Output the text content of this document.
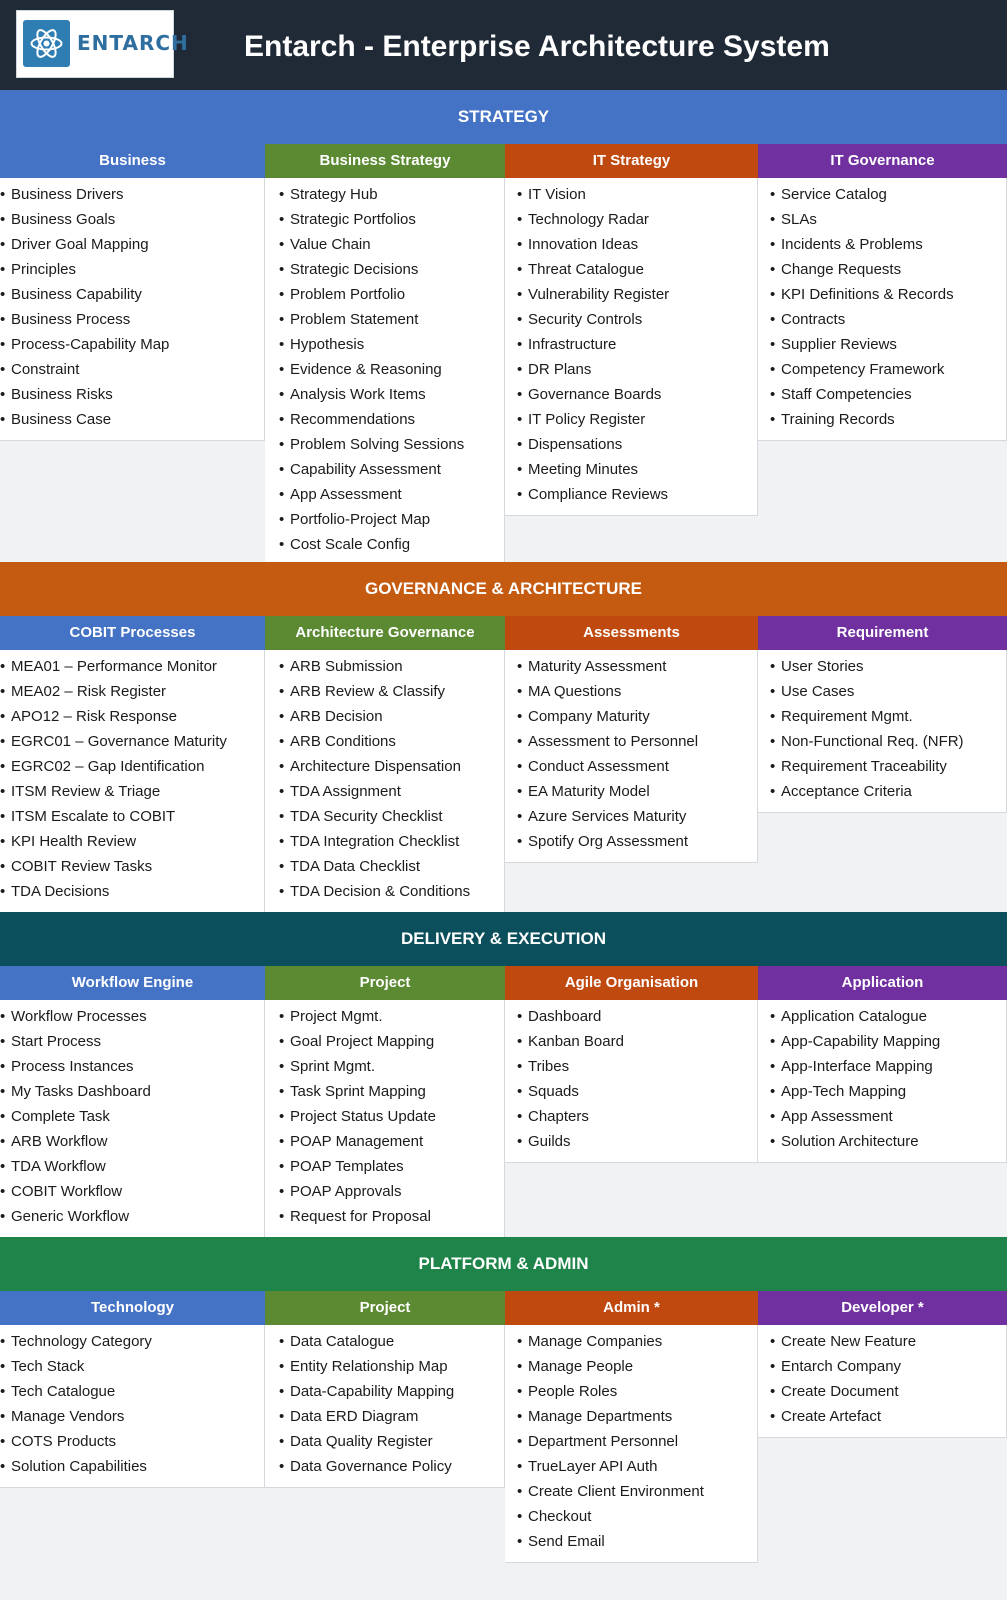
ENTARCH Entarch - Enterprise Architecture System
STRATEGY
Business
• Business Drivers
• Business Goals
• Driver Goal Mapping
• Principles
• Business Capability
• Business Process
• Process-Capability Map
• Constraint
• Business Risks
• Business Case
Business Strategy
• Strategy Hub
• Strategic Portfolios
• Value Chain
• Strategic Decisions
• Problem Portfolio
• Problem Statement
• Hypothesis
• Evidence & Reasoning
• Analysis Work Items
• Recommendations
• Problem Solving Sessions
• Capability Assessment
• App Assessment
• Portfolio-Project Map
• Cost Scale Config
IT Strategy
• IT Vision
• Technology Radar
• Innovation Ideas
• Threat Catalogue
• Vulnerability Register
• Security Controls
• Infrastructure
• DR Plans
• Governance Boards
• IT Policy Register
• Dispensations
• Meeting Minutes
• Compliance Reviews
IT Governance
• Service Catalog
• SLAs
• Incidents & Problems
• Change Requests
• KPI Definitions & Records
• Contracts
• Supplier Reviews
• Competency Framework
• Staff Competencies
• Training Records
GOVERNANCE & ARCHITECTURE
COBIT Processes
• MEA01 – Performance Monitor
• MEA02 – Risk Register
• APO12 – Risk Response
• EGRC01 – Governance Maturity
• EGRC02 – Gap Identification
• ITSM Review & Triage
• ITSM Escalate to COBIT
• KPI Health Review
• COBIT Review Tasks
• TDA Decisions
Architecture Governance
• ARB Submission
• ARB Review & Classify
• ARB Decision
• ARB Conditions
• Architecture Dispensation
• TDA Assignment
• TDA Security Checklist
• TDA Integration Checklist
• TDA Data Checklist
• TDA Decision & Conditions
Assessments
• Maturity Assessment
• MA Questions
• Company Maturity
• Assessment to Personnel
• Conduct Assessment
• EA Maturity Model
• Azure Services Maturity
• Spotify Org Assessment
Requirement
• User Stories
• Use Cases
• Requirement Mgmt.
• Non-Functional Req. (NFR)
• Requirement Traceability
• Acceptance Criteria
DELIVERY & EXECUTION
Workflow Engine
• Workflow Processes
• Start Process
• Process Instances
• My Tasks Dashboard
• Complete Task
• ARB Workflow
• TDA Workflow
• COBIT Workflow
• Generic Workflow
Project
• Project Mgmt.
• Goal Project Mapping
• Sprint Mgmt.
• Task Sprint Mapping
• Project Status Update
• POAP Management
• POAP Templates
• POAP Approvals
• Request for Proposal
Agile Organisation
• Dashboard
• Kanban Board
• Tribes
• Squads
• Chapters
• Guilds
Application
• Application Catalogue
• App-Capability Mapping
• App-Interface Mapping
• App-Tech Mapping
• App Assessment
• Solution Architecture
PLATFORM & ADMIN
Technology
• Technology Category
• Tech Stack
• Tech Catalogue
• Manage Vendors
• COTS Products
• Solution Capabilities
Project
• Data Catalogue
• Entity Relationship Map
• Data-Capability Mapping
• Data ERD Diagram
• Data Quality Register
• Data Governance Policy
Admin *
• Manage Companies
• Manage People
• People Roles
• Manage Departments
• Department Personnel
• TrueLayer API Auth
• Create Client Environment
• Checkout
• Send Email
Developer *
• Create New Feature
• Entarch Company
• Create Document
• Create Artefact
